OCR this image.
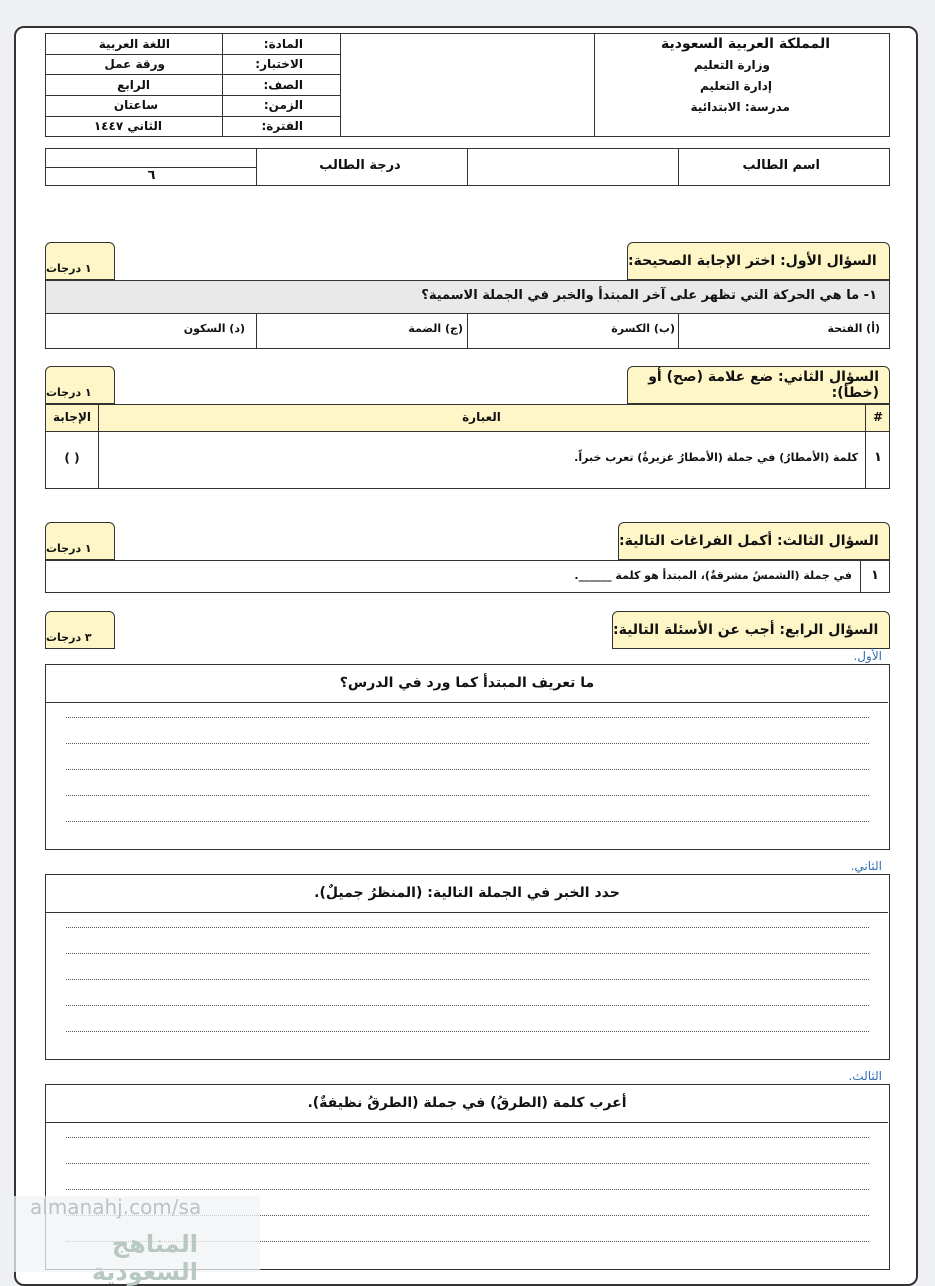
المملكة العربية السعودية
وزارة التعليم
إدارة التعليم
مدرسة: الابتدائية
المادة:
اللغة العربية
الاختبار:
ورقة عمل
الصف:
الرابع
الزمن:
ساعتان
الفترة:
الثاني ١٤٤٧
اسم الطالب
درجة الطالب
٦
السؤال الأول: اختر الإجابة الصحيحة:
١ درجات
١- ما هي الحركة التي تظهر على آخر المبتدأ والخبر في الجملة الاسمية؟
(أ) الفتحة
(ب) الكسرة
(ج) الضمة
(د) السكون
السؤال الثاني: ضع علامة (صح) أو (خطأ):
١ درجات
#
العبارة
الإجابة
١
كلمة (الأمطارُ) في جملة (الأمطارُ غزيرةٌ) تعرب خبراً.
( )
السؤال الثالث: أكمل الفراغات التالية:
١ درجات
١
في جملة (الشمسُ مشرقةٌ)، المبتدأ هو كلمة ______.
السؤال الرابع: أجب عن الأسئلة التالية:
٣ درجات
الأول.
ما تعريف المبتدأ كما ورد في الدرس؟
الثاني.
حدد الخبر في الجملة التالية: (المنظرُ جميلٌ).
الثالث.
أعرب كلمة (الطرقُ) في جملة (الطرقُ نظيفةٌ).
almanahj.com/sa
المناهج السعودية
